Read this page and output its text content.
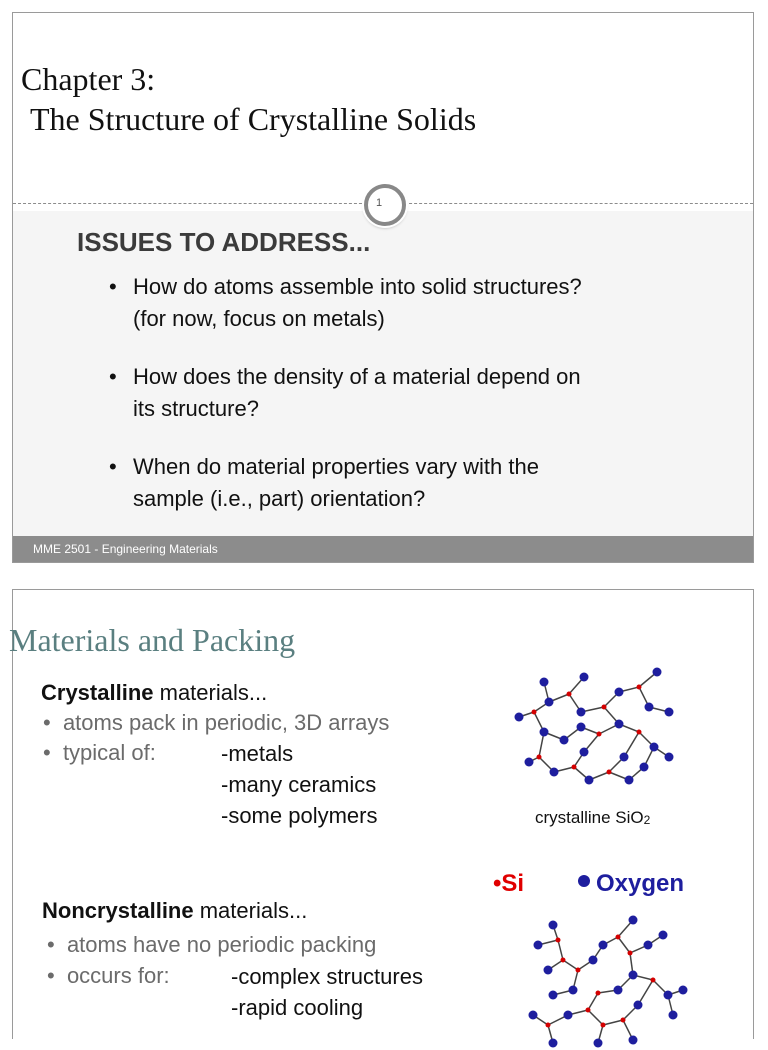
Chapter 3:
The Structure of Crystalline Solids
1
ISSUES TO ADDRESS...
• How do atoms assemble into solid structures?
(for now, focus on metals)
• How does the density of a material depend on
its structure?
• When do material properties vary with the
sample (i.e., part) orientation?
MME 2501 - Engineering Materials
Materials and Packing
Crystalline materials...
•  atoms pack in periodic, 3D arrays
•  typical of:	-metals
-many ceramics
-some polymers	crystalline SiO$_2$
•Si	Oxygen
Noncrystalline materials...
•  atoms have no periodic packing
•  occurs for:	-complex structures
-rapid cooling
